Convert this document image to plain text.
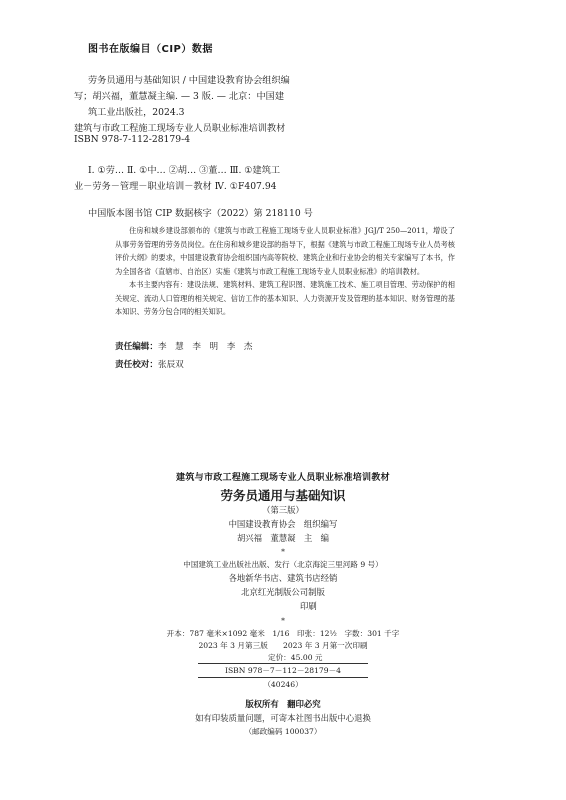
图书在版编目（CIP）数据
劳务员通用与基础知识 / 中国建设教育协会组织编
写；胡兴福，董慧凝主编. — 3 版. — 北京：中国建
筑工业出版社，2024.3
建筑与市政工程施工现场专业人员职业标准培训教材
ISBN 978-7-112-28179-4
Ⅰ. ①劳… Ⅱ. ①中… ②胡… ③董… Ⅲ. ①建筑工
业－劳务－管理－职业培训－教材 Ⅳ. ①F407.94
中国版本图书馆 CIP 数据核字（2022）第 218110 号
住房和城乡建设部颁布的《建筑与市政工程施工现场专业人员职业标准》JGJ/T 250—2011，增设了从事劳务管理的劳务员岗位。在住房和城乡建设部的指导下，根据《建筑与市政工程施工现场专业人员考核评价大纲》的要求，中国建设教育协会组织国内高等院校、建筑企业和行业协会的相关专家编写了本书，作为全国各省（直辖市、自治区）实施《建筑与市政工程施工现场专业人员职业标准》的培训教材。
本书主要内容有：建设法规、建筑材料、建筑工程识图、建筑施工技术、施工项目管理、劳动保护的相关规定、流动人口管理的相关规定、信访工作的基本知识、人力资源开发及管理的基本知识、财务管理的基本知识、劳务分包合同的相关知识。
责任编辑：李　慧　李　明　李　杰
责任校对：张辰双
建筑与市政工程施工现场专业人员职业标准培训教材
劳务员通用与基础知识
（第三版）
中国建设教育协会　组织编写
胡兴福　董慧凝　主　编
*
中国建筑工业出版社出版、发行（北京海淀三里河路 9 号）
各地新华书店、建筑书店经销
北京红光制版公司制版
印刷
*
开本：787 毫米×1092 毫米　1/16　印张：12½　字数：301 千字
2023 年 3 月第三版　　2023 年 3 月第一次印刷
定价：45.00 元
ISBN 978－7－112－28179－4
（40246）
版权所有　翻印必究
如有印装质量问题，可寄本社图书出版中心退换
（邮政编码 100037）
